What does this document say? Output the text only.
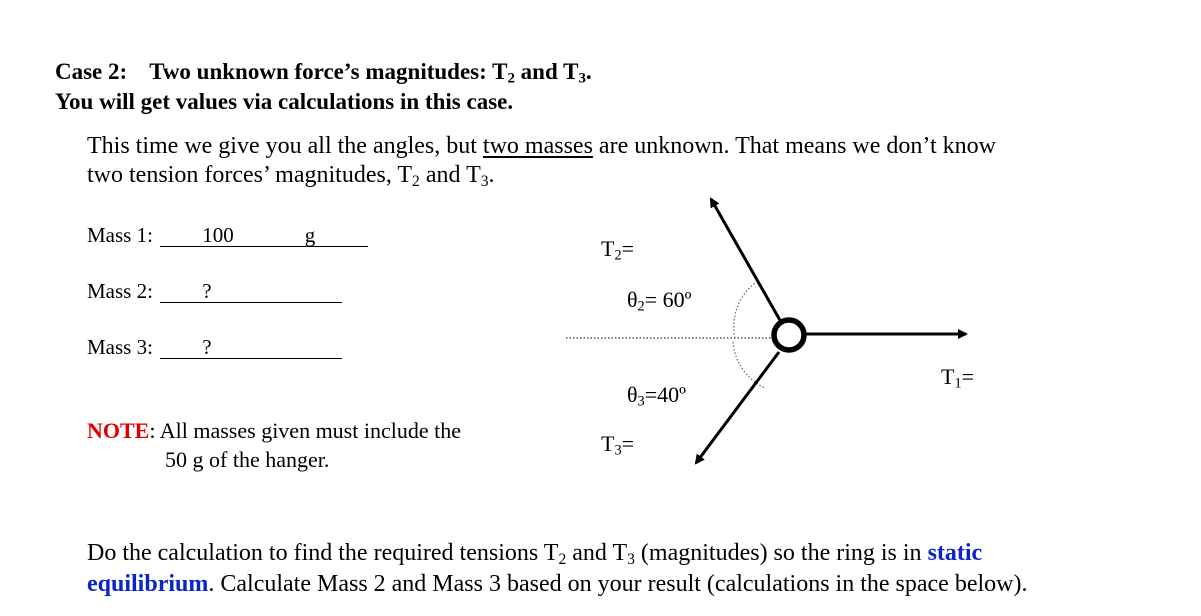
Case 2: Two unknown force’s magnitudes: $T_2$ and $T_3$.
You will get values via calculations in this case.
This time we give you all the angles, but two masses are unknown. That means we don’t know
two tension forces’ magnitudes, $T_2$ and $T_3$.
Mass 1: 100	g
Mass 2: ?
Mass 3: ?
NOTE: All masses given must include the
50 g of the hanger.
$T_2=$
$\theta_2=$ 60º
$\theta_3=40º$
$T_3=$
$T_1=$
Do the calculation to find the required tensions $T_2$ and $T_3$ (magnitudes) so the ring is in static
equilibrium. Calculate Mass 2 and Mass 3 based on your result (calculations in the space below).
